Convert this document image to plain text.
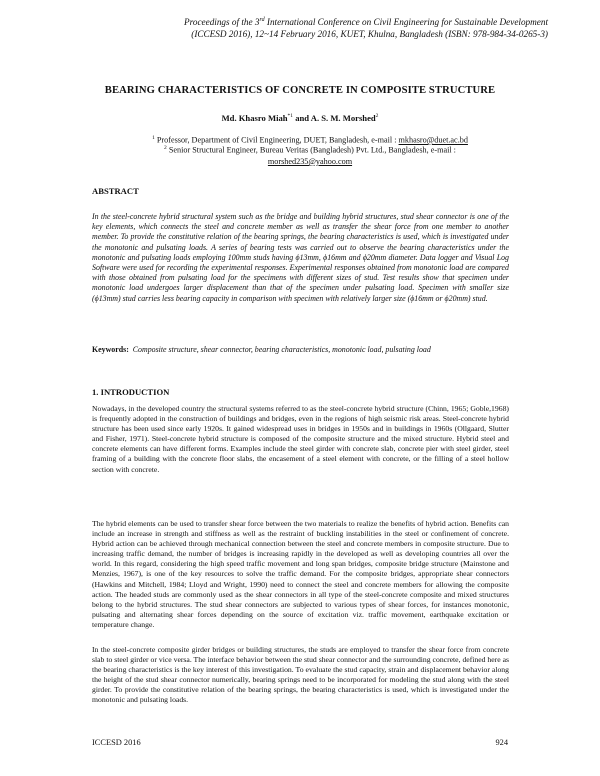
Proceedings of the 3rd International Conference on Civil Engineering for Sustainable Development
(ICCESD 2016), 12~14 February 2016, KUET, Khulna, Bangladesh (ISBN: 978-984-34-0265-3)
BEARING CHARACTERISTICS OF CONCRETE IN COMPOSITE STRUCTURE
Md. Khasro Miah$^{*1}$ and A. S. M. Morshed$^2$
$^1$ Professor, Department of Civil Engineering, DUET, Bangladesh, e-mail : mkhasro@duet.ac.bd
$^2$ Senior Structural Engineer, Bureau Veritas (Bangladesh) Pvt. Ltd., Bangladesh, e-mail :
morshed235@yahoo.com
ABSTRACT
In the steel-concrete hybrid structural system such as the bridge and building hybrid structures, stud shear connector is one of the key elements, which connects the steel and concrete member as well as transfer the shear force from one member to another member. To provide the constitutive relation of the bearing springs, the bearing characteristics is used, which is investigated under the monotonic and pulsating loads. A series of bearing tests was carried out to observe the bearing characteristics under the monotonic and pulsating loads employing 100mm studs having ϕ13mm, ϕ16mm and ϕ20mm diameter. Data logger and Visual Log Software were used for recording the experimental responses. Experimental responses obtained from monotonic load are compared with those obtained from pulsating load for the specimens with different sizes of stud. Test results show that specimen under monotonic load undergoes larger displacement than that of the specimen under pulsating load. Specimen with smaller size (ϕ13mm) stud carries less bearing capacity in comparison with specimen with relatively larger size (ϕ16mm or ϕ20mm) stud.
Keywords: Composite structure, shear connector, bearing characteristics, monotonic load, pulsating load
1. INTRODUCTION
Nowadays, in the developed country the structural systems referred to as the steel-concrete hybrid structure (Chinn, 1965; Goble,1968) is frequently adopted in the construction of buildings and bridges, even in the regions of high seismic risk areas. Steel-concrete hybrid structure has been used since early 1920s. It gained widespread uses in bridges in 1950s and in buildings in 1960s (Ollgaard, Slutter and Fisher, 1971). Steel-concrete hybrid structure is composed of the composite structure and the mixed structure. Hybrid steel and concrete elements can have different forms. Examples include the steel girder with concrete slab, concrete pier with steel girder, steel framing of a building with the concrete floor slabs, the encasement of a steel element with concrete, or the filling of a steel hollow section with concrete.
The hybrid elements can be used to transfer shear force between the two materials to realize the benefits of hybrid action. Benefits can include an increase in strength and stiffness as well as the restraint of buckling instabilities in the steel or confinement of concrete. Hybrid action can be achieved through mechanical connection between the steel and concrete members in composite structure. Due to increasing traffic demand, the number of bridges is increasing rapidly in the developed as well as developing countries all over the world. In this regard, considering the high speed traffic movement and long span bridges, composite bridge structure (Mainstone and Menzies, 1967), is one of the key resources to solve the traffic demand. For the composite bridges, appropriate shear connectors (Hawkins and Mitchell, 1984; Lloyd and Wright, 1990) need to connect the steel and concrete members for allowing the composite action. The headed studs are commonly used as the shear connectors in all type of the steel-concrete composite and mixed structures belong to the hybrid structures. The stud shear connectors are subjected to various types of shear forces, for instances monotonic, pulsating and alternating shear forces depending on the source of excitation viz. traffic movement, earthquake excitation or temperature change.
In the steel-concrete composite girder bridges or building structures, the studs are employed to transfer the shear force from concrete slab to steel girder or vice versa. The interface behavior between the stud shear connector and the surrounding concrete, defined here as the bearing characteristics is the key interest of this investigation. To evaluate the stud capacity, strain and displacement behavior along the height of the stud shear connector numerically, bearing springs need to be incorporated for modeling the stud along with the steel girder. To provide the constitutive relation of the bearing springs, the bearing characteristics is used, which is investigated under the monotonic and pulsating loads.
ICCESD 2016	924
